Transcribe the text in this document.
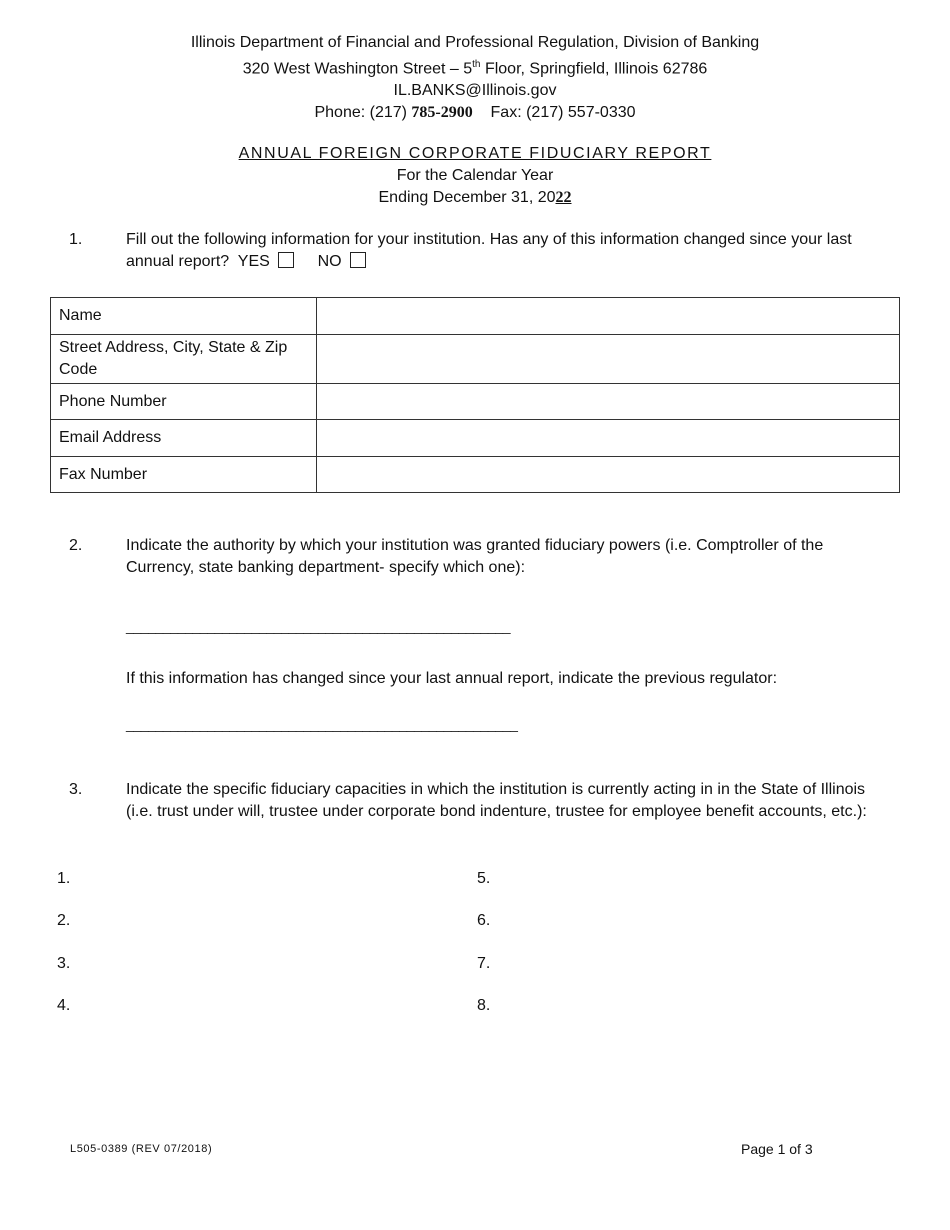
Illinois Department of Financial and Professional Regulation, Division of Banking
320 West Washington Street – 5th Floor, Springfield, Illinois 62786
IL.BANKS@Illinois.gov
Phone: (217) 785-2900 Fax: (217) 557-0330
ANNUAL FOREIGN CORPORATE FIDUCIARY REPORT
For the Calendar Year
Ending December 31, 2022
1.	Fill out the following information for your institution. Has any of this information changed since your last annual report? YES	NO
Name	
Street Address, City, State & Zip Code	
Phone Number	
Email Address	
Fax Number	
2.	Indicate the authority by which your institution was granted fiduciary powers (i.e. Comptroller of the Currency, state banking department- specify which one):
____________________________________________________
If this information has changed since your last annual report, indicate the previous regulator:
_____________________________________________________
3.	Indicate the specific fiduciary capacities in which the institution is currently acting in in the State of Illinois (i.e. trust under will, trustee under corporate bond indenture, trustee for employee benefit accounts, etc.):
1.
2.
3.
4.
5.
6.
7.
8.
L505-0389 (REV 07/2018)	Page 1 of 3
